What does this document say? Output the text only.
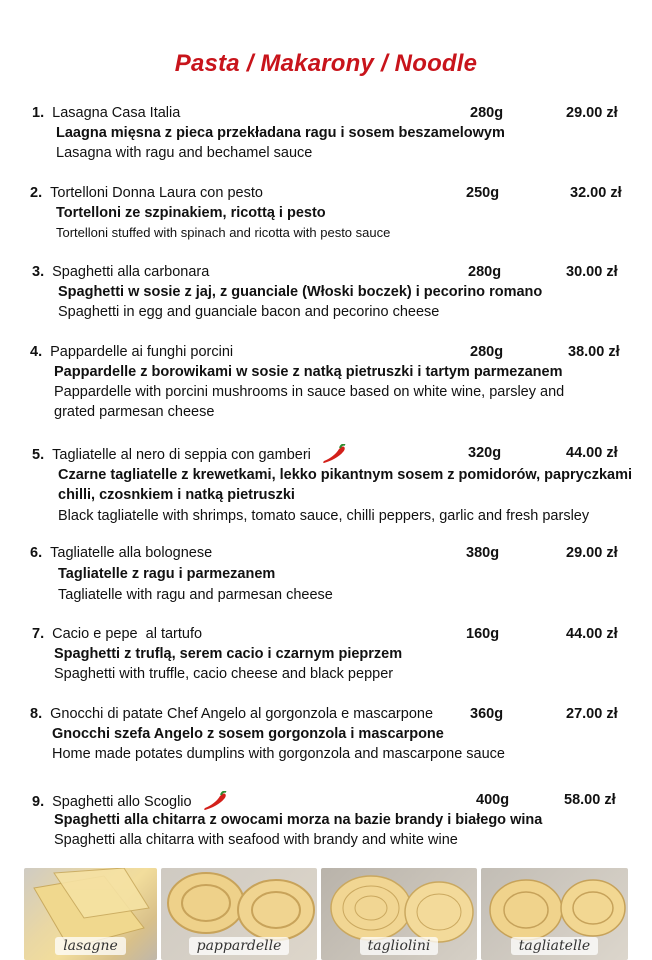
Pasta / Makarony / Noodle
1. Lasagna Casa Italia	280g	29.00 zł
Laagna mięsna z pieca przekładana ragu i sosem beszamelowym
Lasagna with ragu and bechamel sauce
2. Tortelloni Donna Laura con pesto	250g	32.00 zł
Tortelloni ze szpinakiem, ricottą i pesto
Tortelloni stuffed with spinach and ricotta with pesto sauce
3. Spaghetti alla carbonara	280g	30.00 zł
Spaghetti w sosie z jaj, z guanciale (Włoski boczek) i pecorino romano
Spaghetti in egg and guanciale bacon and pecorino cheese
4. Pappardelle ai funghi porcini	280g	38.00 zł
Pappardelle z borowikami w sosie z natką pietruszki i tartym parmezanem
Pappardelle with porcini mushrooms in sauce based on white wine, parsley and
grated parmesan cheese
5. Tagliatelle al nero di seppia con gamberi	320g	44.00 zł
Czarne tagliatelle z krewetkami, lekko pikantnym sosem z pomidorów, papryczkami
chilli, czosnkiem i natką pietruszki
Black tagliatelle with shrimps, tomato sauce, chilli peppers, garlic and fresh parsley
6. Tagliatelle alla bolognese	380g	29.00 zł
Tagliatelle z ragu i parmezanem
Tagliatelle with ragu and parmesan cheese
7. Cacio e pepe  al tartufo	160g	44.00 zł
Spaghetti z truflą, serem cacio i czarnym pieprzem
Spaghetti with truffle, cacio cheese and black pepper
8. Gnocchi di patate Chef Angelo al gorgonzola e mascarpone	360g	27.00 zł
Gnocchi szefa Angelo z sosem gorgonzola i mascarpone
Home made potates dumplins with gorgonzola and mascarpone sauce
9. Spaghetti allo Scoglio	400g	58.00 zł
Spaghetti alla chitarra z owocami morza na bazie brandy i białego wina
Spaghetti alla chitarra with seafood with brandy and white wine
lasagne	pappardelle	tagliolini	tagliatelle
